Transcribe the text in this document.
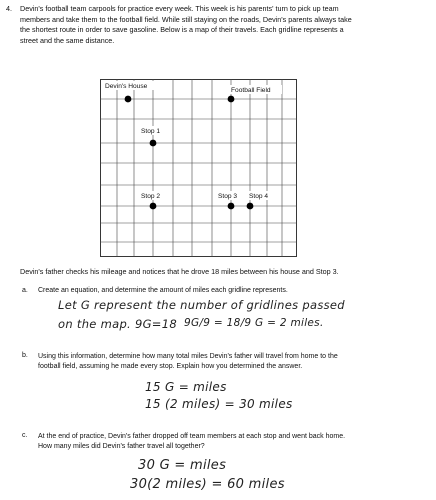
4. Devin's football team carpools for practice every week. This week is his parents' turn to pick up team
members and take them to the football field. While still staying on the roads, Devin's parents always take
the shortest route in order to save gasoline. Below is a map of their travels. Each gridline represents a
street and the same distance.
Devin's House
Football Field
Stop 1
Stop 2	Stop 3 Stop 4
Devin's father checks his mileage and notices that he drove 18 miles between his house and Stop 3.
a. Create an equation, and determine the amount of miles each gridline represents.
Let G represent the number of gridlines passed
on the map. 9G=18 9G/9 = 18/9 G = 2 miles.
b. Using this information, determine how many total miles Devin's father will travel from home to the
football field, assuming he made every stop. Explain how you determined the answer.
15 G = miles
15 (2 miles) = 30 miles
c. At the end of practice, Devin's father dropped off team members at each stop and went back home.
How many miles did Devin's father travel all together?
30 G = miles
30(2 miles) = 60 miles
